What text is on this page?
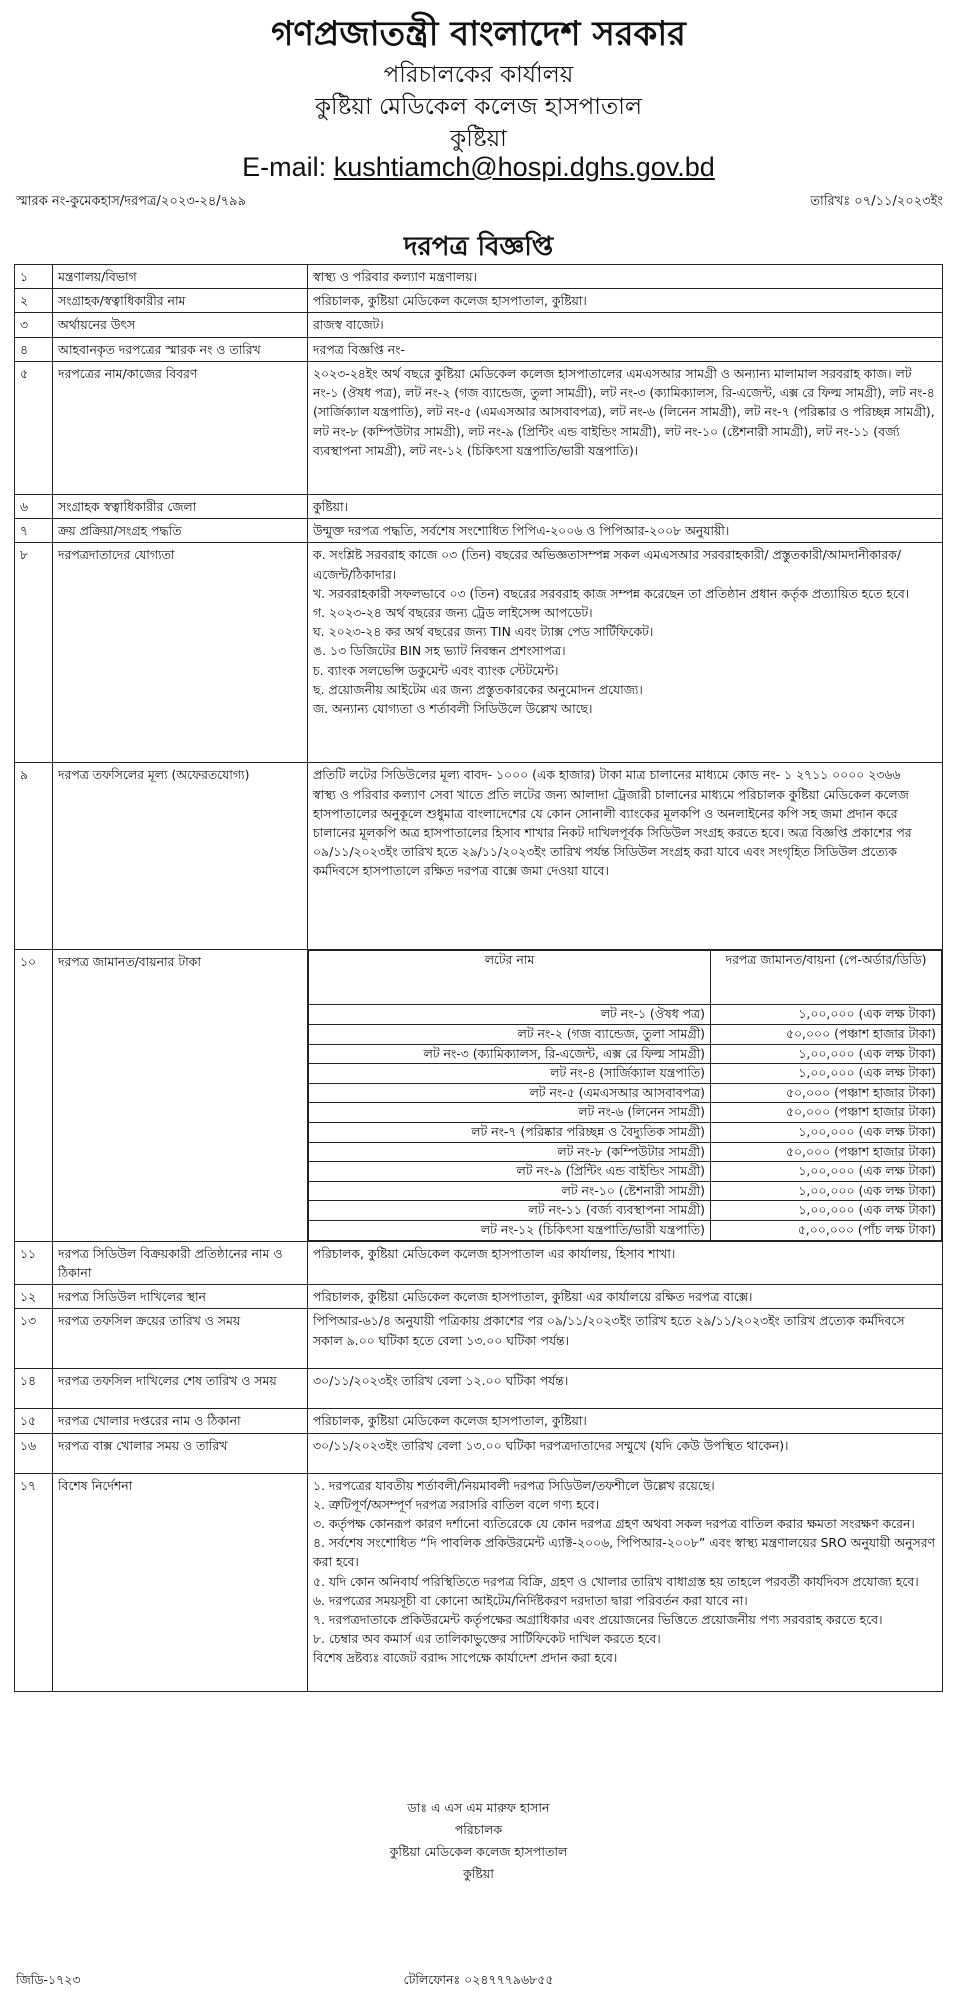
গণপ্রজাতন্ত্রী বাংলাদেশ সরকার
পরিচালকের কার্যালয়
কুষ্টিয়া মেডিকেল কলেজ হাসপাতাল
কুষ্টিয়া
E-mail: kushtiamch@hospi.dghs.gov.bd
স্মারক নং-কুমেকহাস/দরপত্র/২০২৩-২৪/৭৯৯	তারিখঃ ০৭/১১/২০২৩ইং
দরপত্র বিজ্ঞপ্তি
১	মন্ত্রণালয়/বিভাগ	স্বাস্থ্য ও পরিবার কল্যাণ মন্ত্রণালয়।
২	সংগ্রাহক/স্বত্বাধিকারীর নাম	পরিচালক, কুষ্টিয়া মেডিকেল কলেজ হাসপাতাল, কুষ্টিয়া।
৩	অর্থায়নের উৎস	রাজস্ব বাজেট।
৪	আহবানকৃত দরপত্রের স্মারক নং ও তারিখ	দরপত্র বিজ্ঞপ্তি নং-
৫	দরপত্রের নাম/কাজের বিবরণ	২০২৩-২৪ইং অর্থ বছরে কুষ্টিয়া মেডিকেল কলেজ হাসপাতালের এমএসআর সামগ্রী ও অন্যান্য মালামাল সরবরাহ কাজ। লট নং-১ (ঔষধ পত্র), লট নং-২ (গজ ব্যান্ডেজ, তুলা সামগ্রী), লট নং-৩ (ক্যামিক্যালস, রি-এজেন্ট, এক্স রে ফিল্ম সামগ্রী), লট নং-৪ (সার্জিক্যাল যন্ত্রপাতি), লট নং-৫ (এমএসআর আসবাবপত্র), লট নং-৬ (লিনেন সামগ্রী), লট নং-৭ (পরিষ্কার ও পরিচ্ছন্ন সামগ্রী), লট নং-৮ (কম্পিউটার সামগ্রী), লট নং-৯ (প্রিন্টিং এন্ড বাইন্ডিং সামগ্রী), লট নং-১০ (ষ্টেশনারী সামগ্রী), লট নং-১১ (বর্জ্য ব্যবস্থাপনা সামগ্রী), লট নং-১২ (চিকিৎসা যন্ত্রপাতি/ভারী যন্ত্রপাতি)।
৬	সংগ্রাহক স্বত্বাধিকারীর জেলা	কুষ্টিয়া।
৭	ক্রয় প্রক্রিয়া/সংগ্রহ পদ্ধতি	উন্মুক্ত দরপত্র পদ্ধতি, সর্বশেষ সংশোধিত পিপিএ-২০০৬ ও পিপিআর-২০০৮ অনুযায়ী।
৮	দরপত্রদাতাদের যোগ্যতা	ক. সংশ্লিষ্ট সরবরাহ কাজে ০৩ (তিন) বছরের অভিজ্ঞতাসম্পন্ন সকল এমএসআর সরবরাহকারী/ প্রস্তুতকারী/আমদানীকারক/ এজেন্ট/ঠিকাদার।
খ. সরবরাহকারী সফলভাবে ০৩ (তিন) বছরের সরবরাহ কাজ সম্পন্ন করেছেন তা প্রতিষ্ঠান প্রধান কর্তৃক প্রত্যায়িত হতে হবে।
গ. ২০২৩-২৪ অর্থ বছরের জন্য ট্রেড লাইসেন্স আপডেট।
ঘ. ২০২৩-২৪ কর অর্থ বছরের জন্য TIN এবং ট্যাক্স পেড সার্টিফিকেট।
ঙ. ১৩ ডিজিটের BIN সহ ভ্যাট নিবন্ধন প্রশংসাপত্র।
চ. ব্যাংক সলভেন্সি ডকুমেন্ট এবং ব্যাংক স্টেটমেন্ট।
ছ. প্রয়োজনীয় আইটেম এর জন্য প্রস্তুতকারকের অনুমোদন প্রযোজ্য।
জ. অন্যান্য যোগ্যতা ও শর্তাবলী সিডিউলে উল্লেখ আছে।

৯	দরপত্র তফসিলের মূল্য (অফেরতযোগ্য)	প্রতিটি লটের সিডিউলের মূল্য বাবদ- ১০০০ (এক হাজার) টাকা মাত্র চালানের মাধ্যমে কোড নং- ১ ২৭১১ ০০০০ ২৩৬৬
স্বাস্থ্য ও পরিবার কল্যাণ সেবা খাতে প্রতি লটের জন্য আলাদা ট্রেজারী চালানের মাধ্যমে পরিচালক কুষ্টিয়া মেডিকেল কলেজ হাসপাতালের অনুকূলে শুধুমাত্র বাংলাদেশের যে কোন সোনালী ব্যাংকের মূলকপি ও অনলাইনের কপি সহ জমা প্রদান করে চালানের মূলকপি অত্র হাসপাতালের হিসাব শাখার নিকট দাখিলপূর্বক সিডিউল সংগ্রহ করতে হবে। অত্র বিজ্ঞপ্তি প্রকাশের পর ০৯/১১/২০২৩ইং তারিখ হতে ২৯/১১/২০২৩ইং তারিখ পর্যন্ত সিডিউল সংগ্রহ করা যাবে এবং সংগৃহিত সিডিউল প্রত্যেক কর্মদিবসে হাসপাতালে রক্ষিত দরপত্র বাক্সে জমা দেওয়া যাবে।

১০	দরপত্র জামানত/বায়নার টাকা		লটের নাম	দরপত্র জামানত/বায়না (পে-অর্ডার/ডিডি)
লট নং-১ (ঔষধ পত্র)	১,০০,০০০ (এক লক্ষ টাকা)
লট নং-২ (গজ ব্যান্ডেজ, তুলা সামগ্রী)	৫০,০০০ (পঞ্চাশ হাজার টাকা)
লট নং-৩ (ক্যামিক্যালস, রি-এজেন্ট, এক্স রে ফিল্ম সামগ্রী)	১,০০,০০০ (এক লক্ষ টাকা)
লট নং-৪ (সার্জিক্যাল যন্ত্রপাতি)	১,০০,০০০ (এক লক্ষ টাকা)
লট নং-৫ (এমএসআর আসবাবপত্র)	৫০,০০০ (পঞ্চাশ হাজার টাকা)
লট নং-৬ (লিনেন সামগ্রী)	৫০,০০০ (পঞ্চাশ হাজার টাকা)
লট নং-৭ (পরিষ্কার পরিচ্ছন্ন ও বৈদ্যুতিক সামগ্রী)	১,০০,০০০ (এক লক্ষ টাকা)
লট নং-৮ (কম্পিউটার সামগ্রী)	৫০,০০০ (পঞ্চাশ হাজার টাকা)
লট নং-৯ (প্রিন্টিং এন্ড বাইন্ডিং সামগ্রী)	১,০০,০০০ (এক লক্ষ টাকা)
লট নং-১০ (ষ্টেশনারী সামগ্রী)	১,০০,০০০ (এক লক্ষ টাকা)
লট নং-১১ (বর্জ্য ব্যবস্থাপনা সামগ্রী)	১,০০,০০০ (এক লক্ষ টাকা)
লট নং-১২ (চিকিৎসা যন্ত্রপাতি/ভারী যন্ত্রপাতি)	৫,০০,০০০ (পাঁচ লক্ষ টাকা)

১১	দরপত্র সিডিউল বিক্রয়কারী প্রতিষ্ঠানের নাম ও ঠিকানা	পরিচালক, কুষ্টিয়া মেডিকেল কলেজ হাসপাতাল এর কার্যালয়, হিসাব শাখা।
১২	দরপত্র সিডিউল দাখিলের স্থান	পরিচালক, কুষ্টিয়া মেডিকেল কলেজ হাসপাতাল, কুষ্টিয়া এর কার্যালয়ে রক্ষিত দরপত্র বাক্সে।
১৩	দরপত্র তফসিল ক্রয়ের তারিখ ও সময়	পিপিআর-৬১/৪ অনুযায়ী পত্রিকায় প্রকাশের পর ০৯/১১/২০২৩ইং তারিখ হতে ২৯/১১/২০২৩ইং তারিখ প্রত্যেক কর্মদিবসে সকাল ৯.০০ ঘটিকা হতে বেলা ১৩.০০ ঘটিকা পর্যন্ত।
১৪	দরপত্র তফসিল দাখিলের শেষ তারিখ ও সময়	৩০/১১/২০২৩ইং তারিখ বেলা ১২.০০ ঘটিকা পর্যন্ত।
১৫	দরপত্র খোলার দপ্তরের নাম ও ঠিকানা	পরিচালক, কুষ্টিয়া মেডিকেল কলেজ হাসপাতাল, কুষ্টিয়া।
১৬	দরপত্র বাক্স খোলার সময় ও তারিখ	৩০/১১/২০২৩ইং তারিখ বেলা ১৩.০০ ঘটিকা দরপত্রদাতাদের সম্মুখে (যদি কেউ উপস্থিত থাকেন)।
১৭	বিশেষ নির্দেশনা	১. দরপত্রের যাবতীয় শর্তাবলী/নিয়মাবলী দরপত্র সিডিউল/তফশীলে উল্লেখ রয়েছে।
২. ত্রুটিপূর্ণ/অসম্পূর্ণ দরপত্র সরাসরি বাতিল বলে গণ্য হবে।
৩. কর্তৃপক্ষ কোনরূপ কারণ দর্শানো ব্যতিরেকে যে কোন দরপত্র গ্রহণ অথবা সকল দরপত্র বাতিল করার ক্ষমতা সংরক্ষণ করেন।
৪. সর্বশেষ সংশোধিত “দি পাবলিক প্রকিউরমেন্ট এ্যাক্ট-২০০৬, পিপিআর-২০০৮” এবং স্বাস্থ্য মন্ত্রণালয়ের SRO অনুযায়ী অনুসরণ করা হবে।
৫. যদি কোন অনিবার্য পরিস্থিতিতে দরপত্র বিক্রি, গ্রহণ ও খোলার তারিখ বাধাগ্রস্ত হয় তাহলে পরবর্তী কার্যদিবস প্রযোজ্য হবে।
৬. দরপত্রের সময়সূচী বা কোনো আইটেম/নির্দিষ্টকরণ দরদাতা দ্বারা পরিবর্তন করা যাবে না।
৭. দরপত্রদাতাকে প্রকিউরমেন্ট কর্তৃপক্ষের অগ্রাধিকার এবং প্রয়োজনের ভিত্তিতে প্রয়োজনীয় পণ্য সরবরাহ করতে হবে।
৮. চেম্বার অব কমার্স এর তালিকাভুক্তের সার্টিফিকেট দাখিল করতে হবে।
বিশেষ দ্রষ্টব্যঃ বাজেট বরাদ্দ সাপেক্ষে কার্যাদেশ প্রদান করা হবে।
ডাঃ এ এস এম মারুফ হাসান
পরিচালক
কুষ্টিয়া মেডিকেল কলেজ হাসপাতাল
কুষ্টিয়া
জিডি-১৭২৩	টেলিফোনঃ ০২৪৭৭৭৯৬৮৫৫
